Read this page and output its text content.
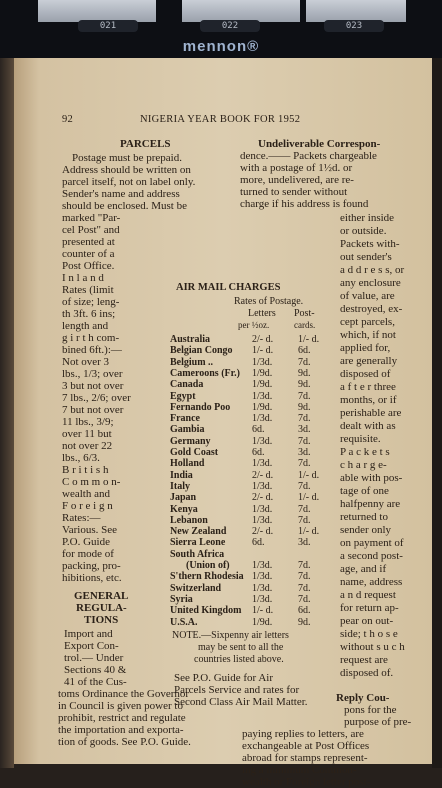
021	022	023
mennon®
92	NIGERIA YEAR BOOK FOR 1952
PARCELS
Postage must be prepaid.
Address should be written on
parcel itself, not on label only.
Sender's name and address
should be enclosed. Must be
marked "Par-
cel Post" and
presented at
counter of a
Post Office.
I n l a n d
Rates (limit
of size; leng-
th 3ft. 6 ins;
length and
g i r t h com-
bined 6ft.):—
Not over 3
lbs., 1/3; over
3 but not over
7 lbs., 2/6; over
7 but not over
11 lbs., 3/9;
over 11 but
not over 22
lbs., 6/3.
B r i t i s h
C o m m o n-
wealth and
F o r e i g n
Rates:—
Various. See
P.O. Guide
for mode of
packing, pro-
hibitions, etc.
GENERAL
REGULA-
TIONS
Import and
Export Con-
trol.— Under
Sections 40 &
41 of the Cus-
toms Ordinance the Governor
in Council is given power to
prohibit, restrict and regulate
the importation and exporta-
tion of goods. See P.O. Guide.
Undeliverable Correspon-
dence.—— Packets chargeable
with a postage of 1½d. or
more, undelivered, are re-
turned to sender without
charge if his address is found
either inside
or outside.
Packets with-
out sender's
a d d r e s s, or
any enclosure
of value, are
destroyed, ex-
cept parcels,
which, if not
applied for,
are generally
disposed of
a f t e r three
months, or if
perishable are
dealt with as
requisite.
P a c k e t s
c h a r g e-
able with pos-
tage of one
halfpenny are
returned to
sender only
on payment of
a second post-
age, and if
name, address
a n d request
for return ap-
pear on out-
side; t h o s e
without s u c h
request are
disposed of.
Reply Cou-
pons for the
purpose of pre-
paying replies to letters, are
exchangeable at Post Offices
abroad for stamps represent-
ing a minimum Common-
wealth or Foreign letter post-
AIR MAIL CHARGES
Rates of Postage.
Letters Post-
per ½oz.	cards.
Australia	2/- d. 1/- d.
Belgian Congo 1/- d. 6d.
Belgium ..	1/3d.	7d.
Cameroons (Fr.) 1/9d.	9d.
Canada	1/9d.	9d.
Egypt	1/3d.	7d.
Fernando Poo 1/9d.	9d.
France	1/3d.	7d.
Gambia	6d.	3d.
Germany	1/3d.	7d.
Gold Coast	6d.	3d.
Holland	1/3d.	7d.
India	2/- d. 1/- d.
Italy	1/3d.	7d.
Japan	2/- d. 1/- d.
Kenya	1/3d.	7d.
Lebanon	1/3d.	7d.
New Zealand	2/- d. 1/- d.
Sierra Leone	6d.	3d.
South Africa
(Union of) 1/3d.	7d.
S'thern Rhodesia 1/3d.	7d.
Switzerland	1/3d.	7d.
Syria	1/3d.	7d.
United Kingdom 1/- d. 6d.
U.S.A.	1/9d.	9d.
NOTE.—Sixpenny air letters
may be sent to all the
countries listed above.
See P.O. Guide for Air
Parcels Service and rates for
Second Class Air Mail Matter.
